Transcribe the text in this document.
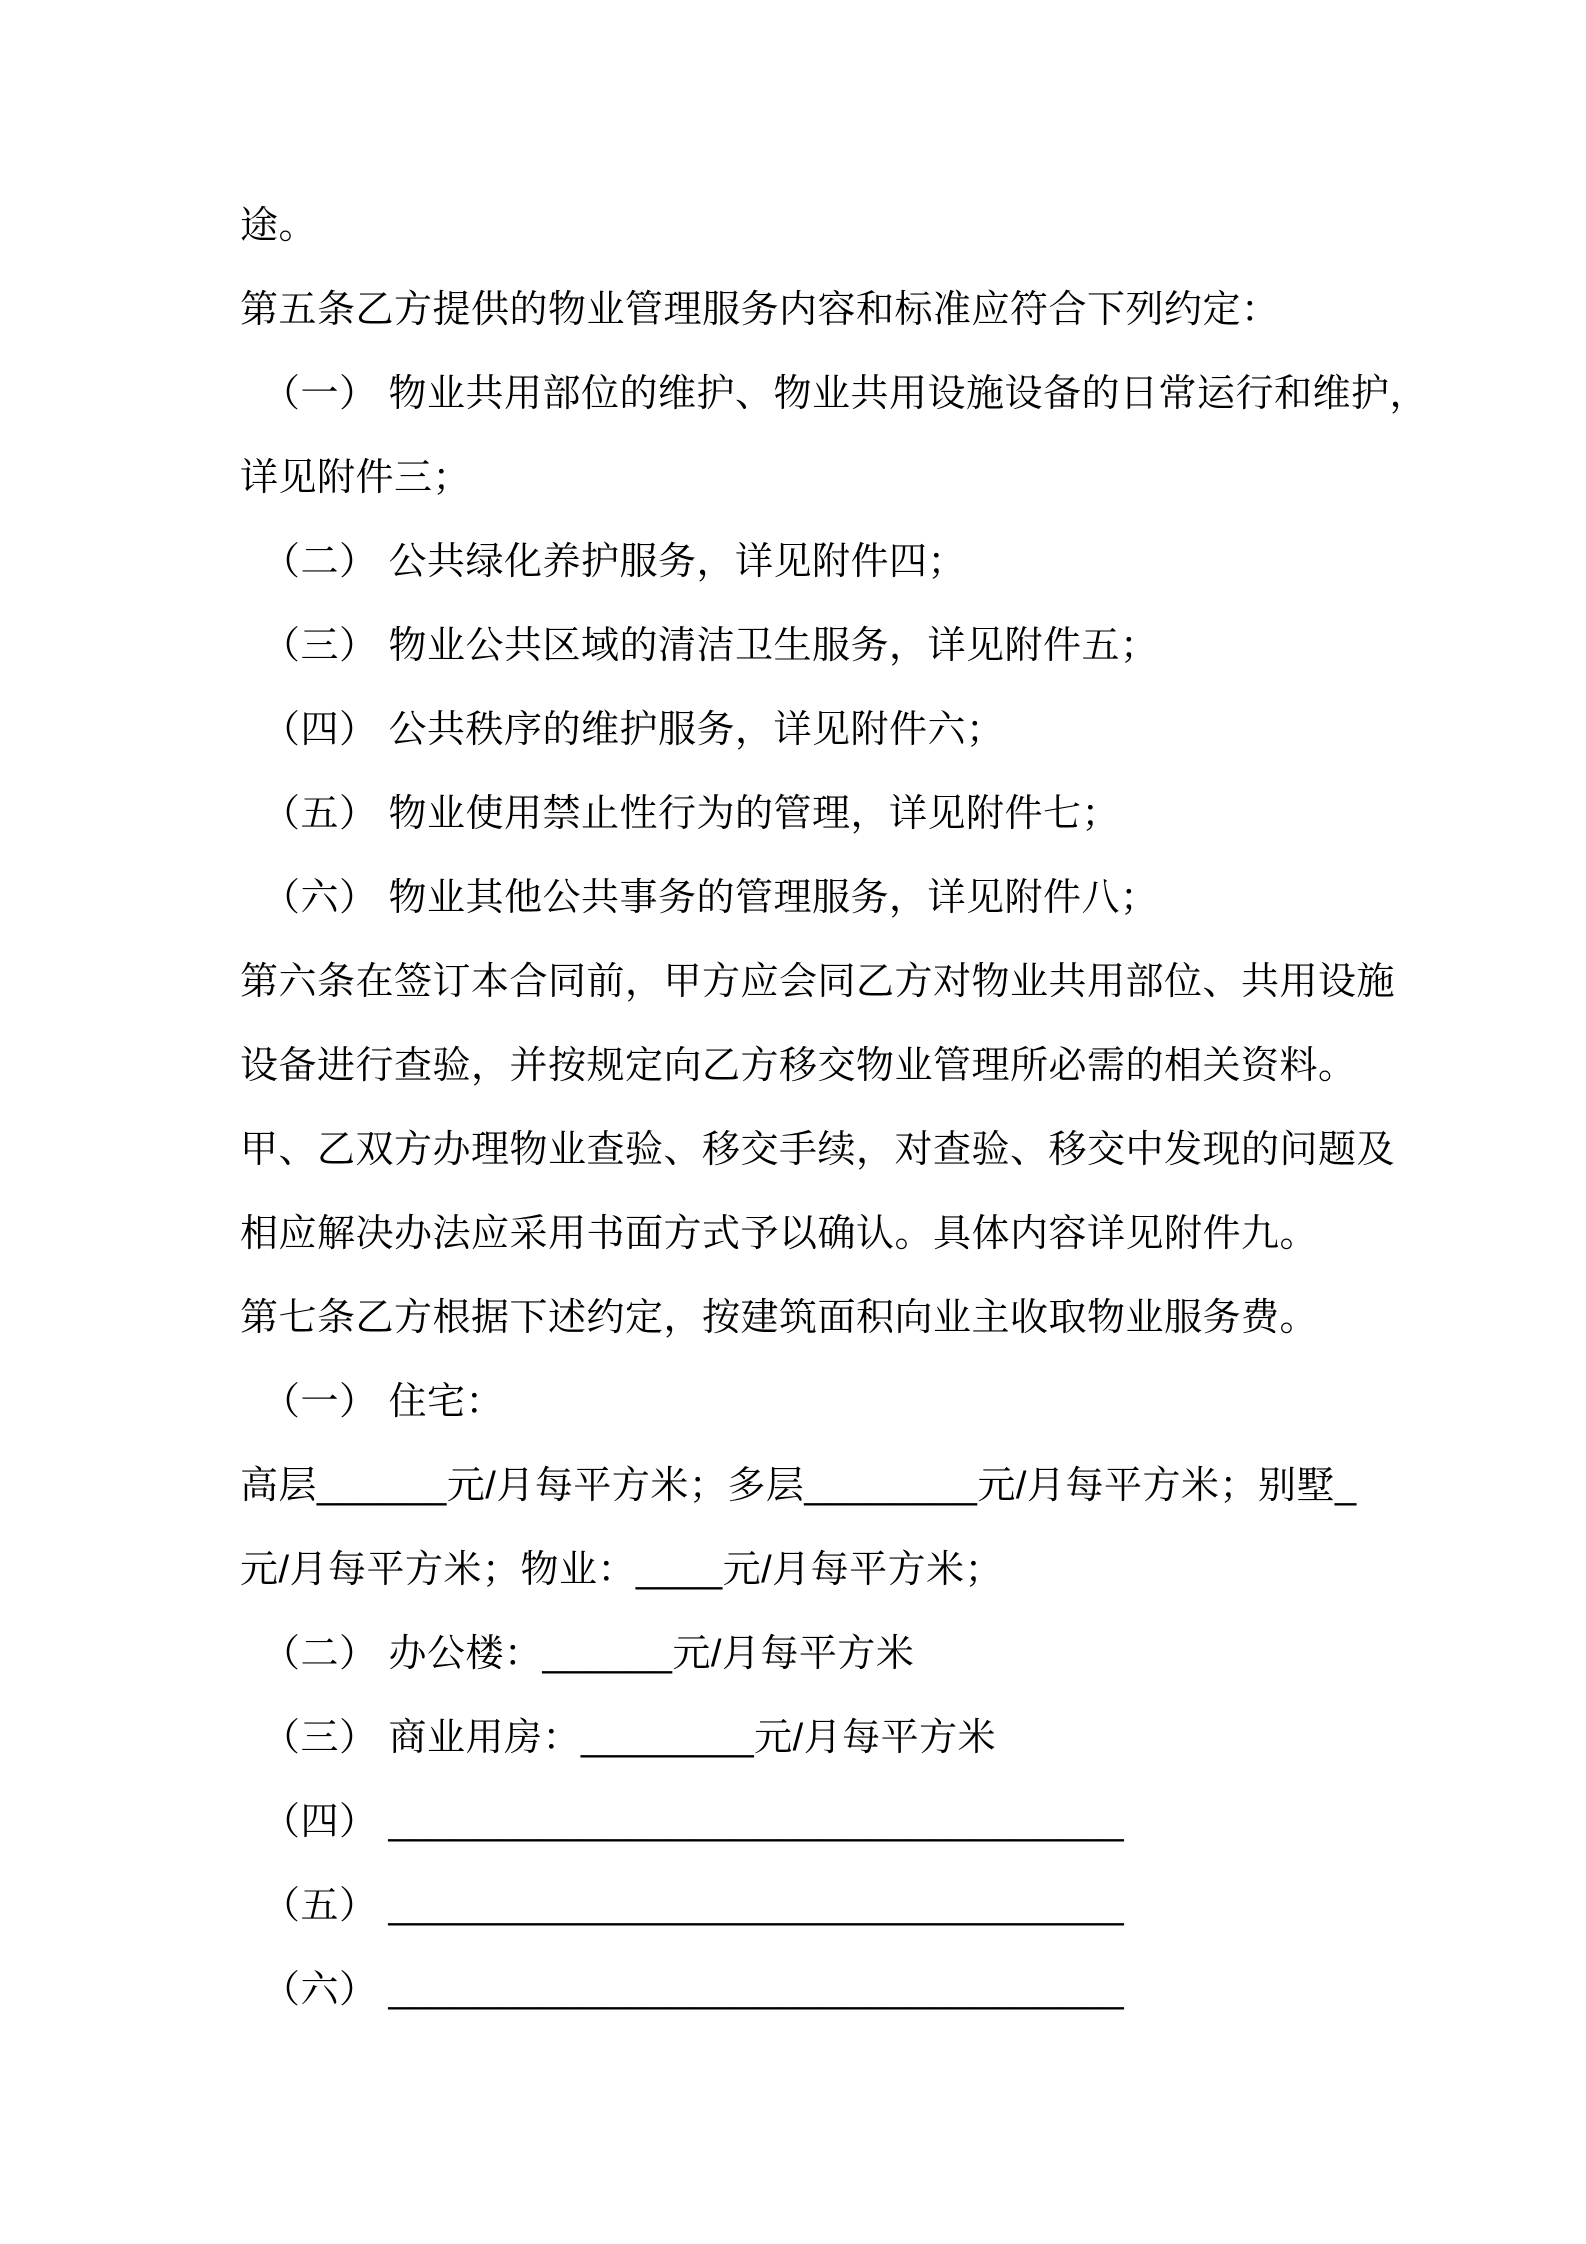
途。
第五条乙方提供的物业管理服务内容和标准应符合下列约定：
（一） 物业共用部位的维护、物业共用设施设备的日常运行和维护，
详见附件三；
（二） 公共绿化养护服务，详见附件四；
（三） 物业公共区域的清洁卫生服务，详见附件五；
（四） 公共秩序的维护服务，详见附件六；
（五） 物业使用禁止性行为的管理，详见附件七；
（六） 物业其他公共事务的管理服务，详见附件八；
第六条在签订本合同前，甲方应会同乙方对物业共用部位、共用设施
设备进行查验，并按规定向乙方移交物业管理所必需的相关资料。
甲、乙双方办理物业查验、移交手续，对查验、移交中发现的问题及
相应解决办法应采用书面方式予以确认。具体内容详见附件九。
第七条乙方根据下述约定，按建筑面积向业主收取物业服务费。
（一） 住宅：
高层______元/月每平方米；多层________元/月每平方米；别墅_
元/月每平方米；物业：____元/月每平方米；
（二） 办公楼：______元/月每平方米
（三） 商业用房：________元/月每平方米
（四） __________________________________
（五） __________________________________
（六） __________________________________
